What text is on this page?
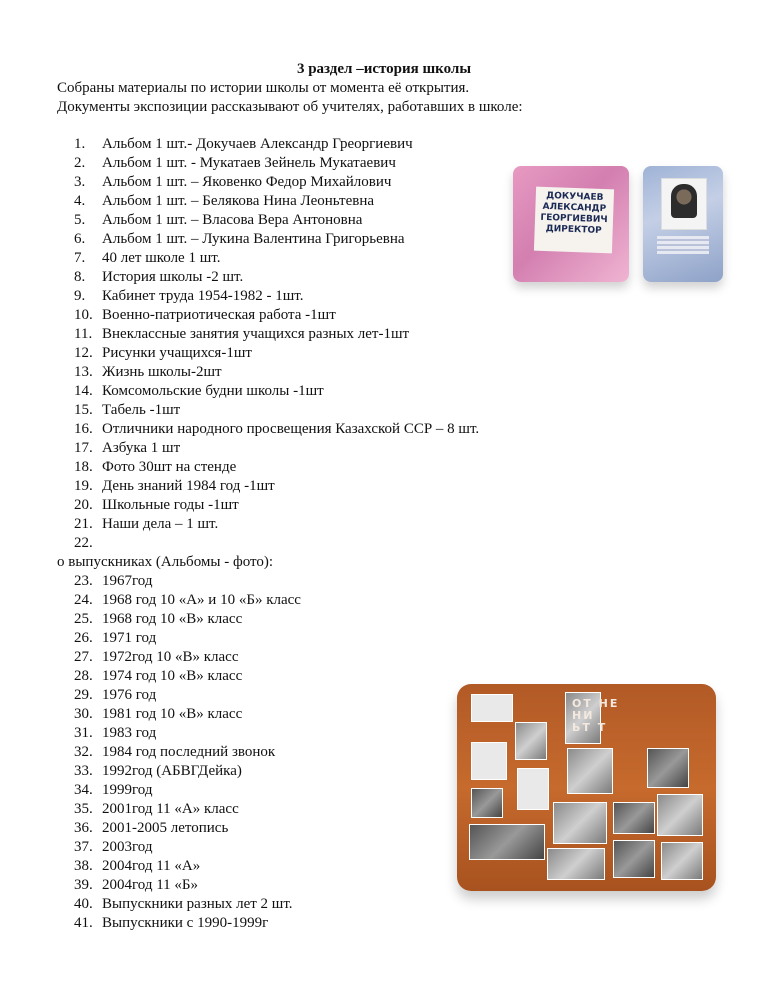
3 раздел –история школы
Собраны материалы по истории школы от момента её открытия.
Документы экспозиции рассказывают об учителях, работавших в школе:
1. Альбом 1 шт.- Докучаев Александр Греоргиевич
2. Альбом 1 шт. - Мукатаев Зейнель Мукатаевич
3. Альбом 1 шт. – Яковенко Федор Михайлович
4. Альбом 1 шт. – Белякова Нина Леоньтевна
5. Альбом 1 шт. – Власова Вера Антоновна
6. Альбом 1 шт. – Лукина Валентина Григорьевна
7. 40 лет школе 1 шт.
8. История школы -2 шт.
9. Кабинет труда 1954-1982 - 1шт.
10. Военно-патриотическая работа -1шт
11. Внеклассные занятия учащихся разных лет-1шт
12. Рисунки учащихся-1шт
13. Жизнь школы-2шт
14. Комсомольские будни школы -1шт
15. Табель -1шт
16. Отличники народного просвещения Казахской ССР – 8 шт.
17. Азбука 1 шт
18. Фото 30шт на стенде
19. День знаний 1984 год -1шт
20. Школьные годы -1шт
21. Наши дела – 1 шт.
22.
23. 1967год
24. 1968 год 10 «А» и 10 «Б» класс
25. 1968 год 10 «В» класс
26. 1971 год
27. 1972год 10 «В» класс
28. 1974 год 10 «В» класс
29. 1976 год
30. 1981 год 10 «В» класс
31. 1983 год
32. 1984 год последний звонок
33. 1992год (АБВГДейка)
34. 1999год
35. 2001год 11 «А» класс
36. 2001-2005 летопись
37. 2003год
38. 2004год 11 «А»
39. 2004год 11 «Б»
40. Выпускники разных лет 2 шт.
41. Выпускники с 1990-1999г
ДОКУЧАЕВ
АЛЕКСАНДР
ГЕОРГИЕВИЧ
ДИРЕКТОР
ОТ НЕ
НИ
ЬТ Т
о выпускниках (Альбомы - фото):
